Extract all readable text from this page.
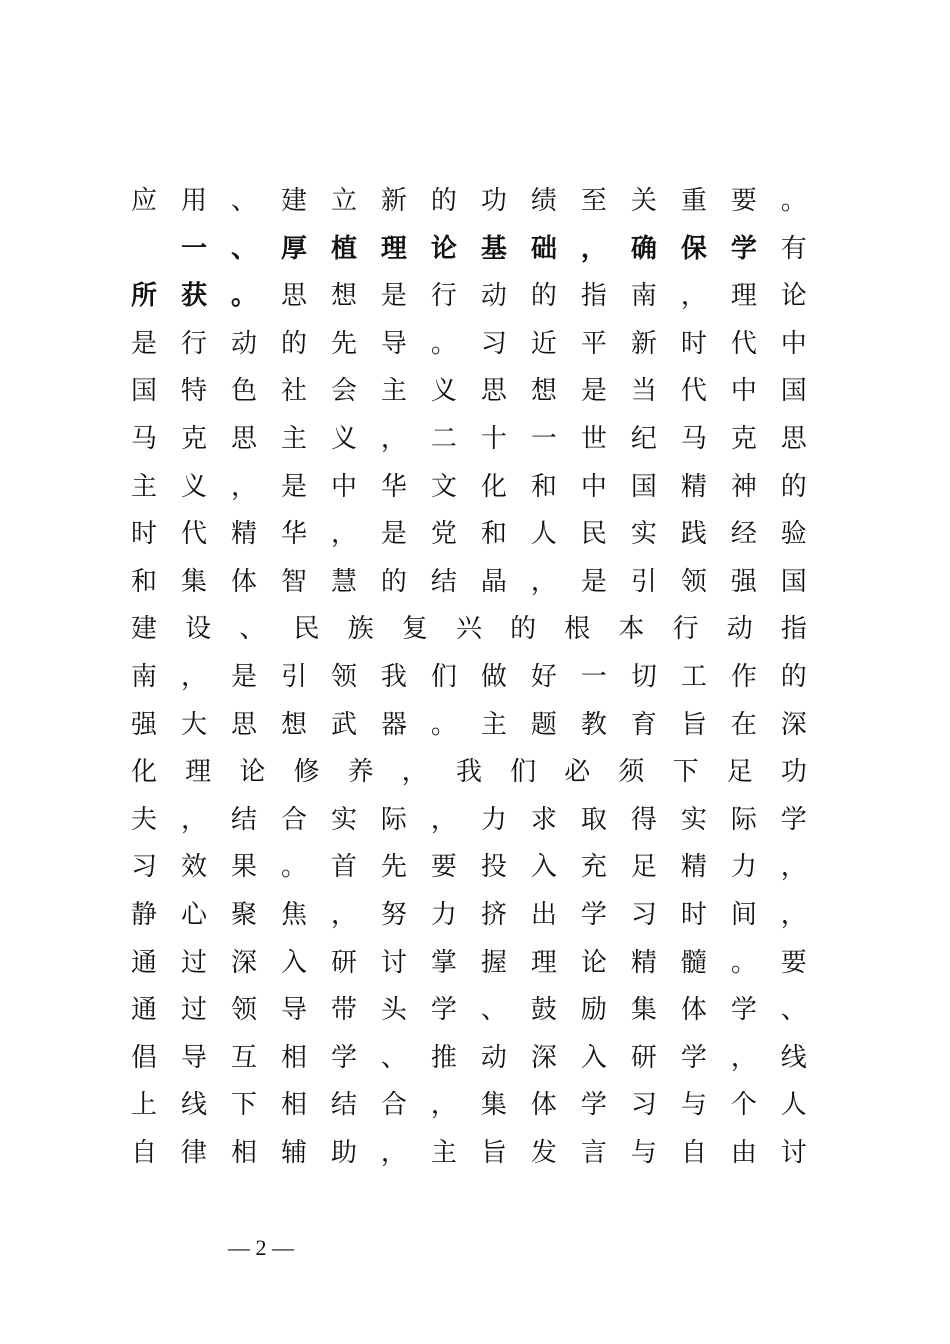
应 用 、 建 立 新 的 功 绩 至 关 重 要 。

一 、 厚 植 理 论 基 础 ， 确 保 学 有
所 获 。 思 想 是 行 动 的 指 南 ， 理 论
是 行 动 的 先 导 。 习 近 平 新 时 代 中
国 特 色 社 会 主 义 思 想 是 当 代 中 国
马 克 思 主 义 ， 二 十 一 世 纪 马 克 思
主 义 ， 是 中 华 文 化 和 中 国 精 神 的
时 代 精 华 ， 是 党 和 人 民 实 践 经 验
和 集 体 智 慧 的 结 晶 ， 是 引 领 强 国
建 设 、 民 族 复 兴 的 根 本 行 动 指
南 ， 是 引 领 我 们 做 好 一 切 工 作 的
强 大 思 想 武 器 。 主 题 教 育 旨 在 深
化 理 论 修 养 ， 我 们 必 须 下 足 功
夫 ， 结 合 实 际 ， 力 求 取 得 实 际 学
习 效 果 。 首 先 要 投 入 充 足 精 力 ，
静 心 聚 焦 ， 努 力 挤 出 学 习 时 间 ，
通 过 深 入 研 讨 掌 握 理 论 精 髓 。 要
通 过 领 导 带 头 学 、 鼓 励 集 体 学 、
倡 导 互 相 学 、 推 动 深 入 研 学 ， 线
上 线 下 相 结 合 ， 集 体 学 习 与 个 人
自 律 相 辅 助 ， 主 旨 发 言 与 自 由 讨
— 2 —
